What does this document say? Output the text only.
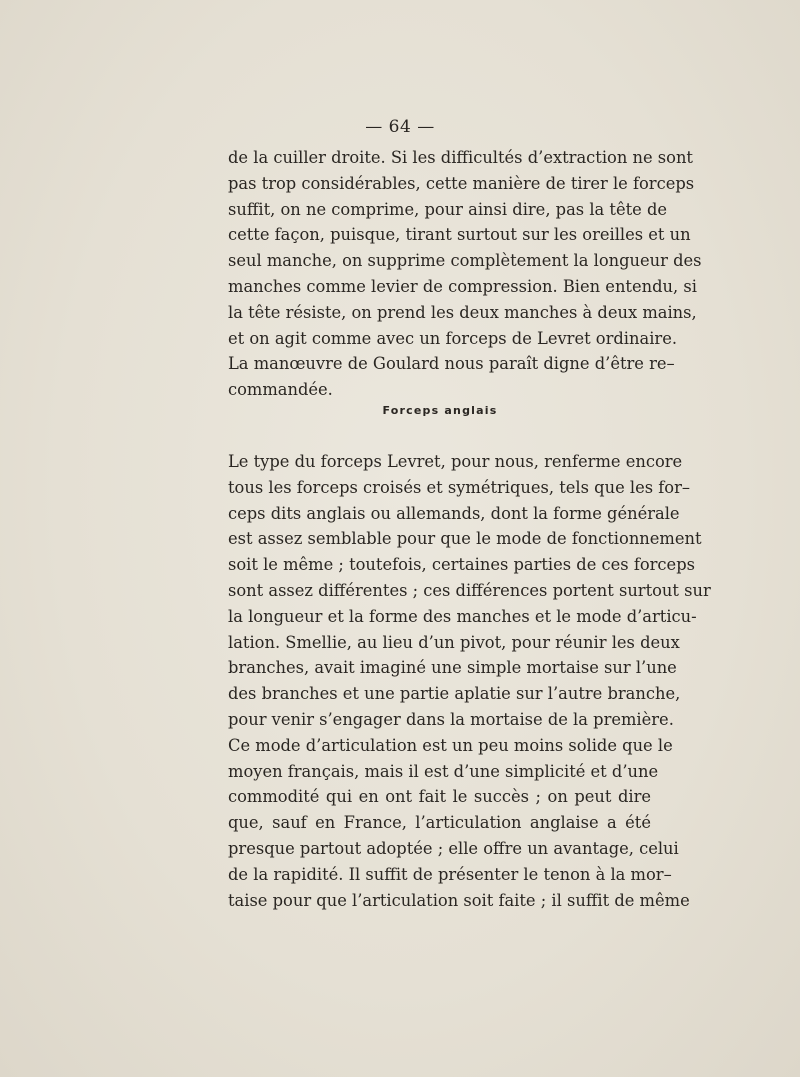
— 64 —
de la cuiller droite. Si les difficultés d’extraction ne sont
pas trop considérables, cette manière de tirer le forceps
suffit, on ne comprime, pour ainsi dire, pas la tête de
cette façon, puisque, tirant surtout sur les oreilles et un
seul manche, on supprime complètement la longueur des
manches comme levier de compression. Bien entendu, si
la tête résiste, on prend les deux manches à deux mains,
et on agit comme avec un forceps de Levret ordinaire.
La manœuvre de Goulard nous paraît digne d’être re–
commandée.
Forceps anglais
Le type du forceps Levret, pour nous, renferme encore
tous les forceps croisés et symétriques, tels que les for–
ceps dits anglais ou allemands, dont la forme générale
est assez semblable pour que le mode de fonctionnement
soit le même ; toutefois, certaines parties de ces forceps
sont assez différentes ; ces différences portent surtout sur
la longueur et la forme des manches et le mode d’articu-
lation. Smellie, au lieu d’un pivot, pour réunir les deux
branches, avait imaginé une simple mortaise sur l’une
des branches et une partie aplatie sur l’autre branche,
pour venir s’engager dans la mortaise de la première.
Ce mode d’articulation est un peu moins solide que le
moyen français, mais il est d’une simplicité et d’une
commodité qui en ont fait le succès ; on peut dire
que, sauf en France, l’articulation anglaise a été
presque partout adoptée ; elle offre un avantage, celui
de la rapidité. Il suffit de présenter le tenon à la mor–
taise pour que l’articulation soit faite ; il suffit de même
